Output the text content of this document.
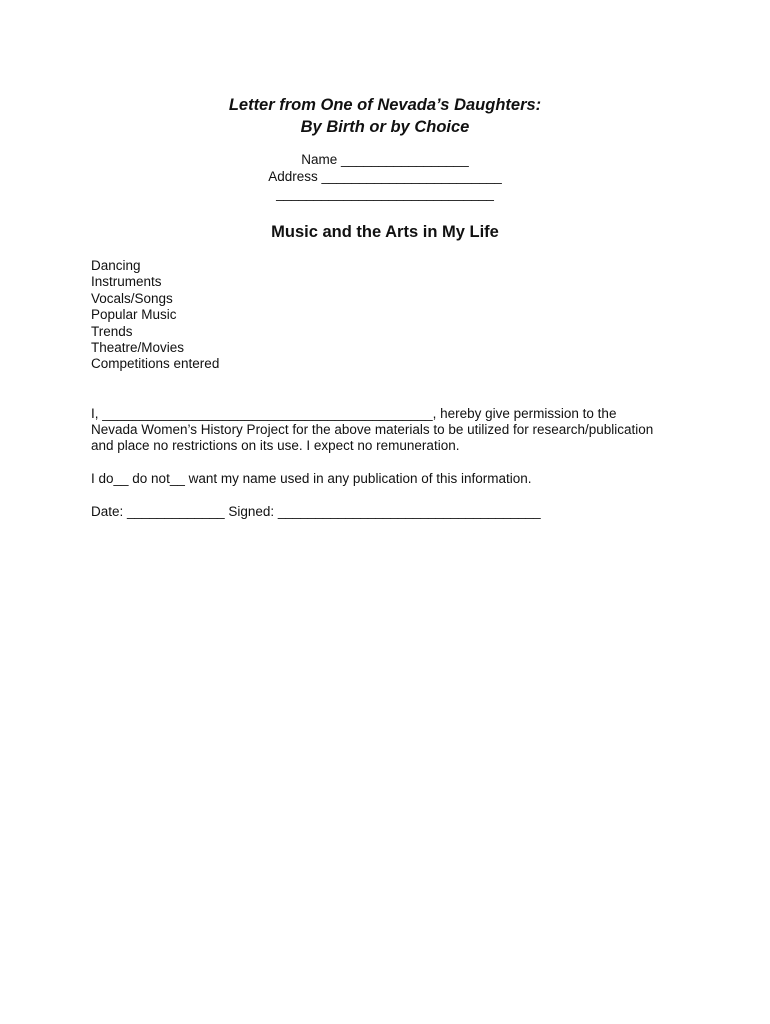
Letter from One of Nevada’s Daughters:

By Birth or by Choice

Name _________________

Address ________________________

_____________________________

Music and the Arts in My Life

Dancing
Instruments
Vocals/Songs
Popular Music
Trends
Theatre/Movies
Competitions entered

I, ____________________________________________, hereby give permission to the
Nevada Women’s History Project for the above materials to be utilized for research/publication
and place no restrictions on its use. I expect no remuneration.

I do__ do not__ want my name used in any publication of this information.

Date: _____________ Signed: ___________________________________
